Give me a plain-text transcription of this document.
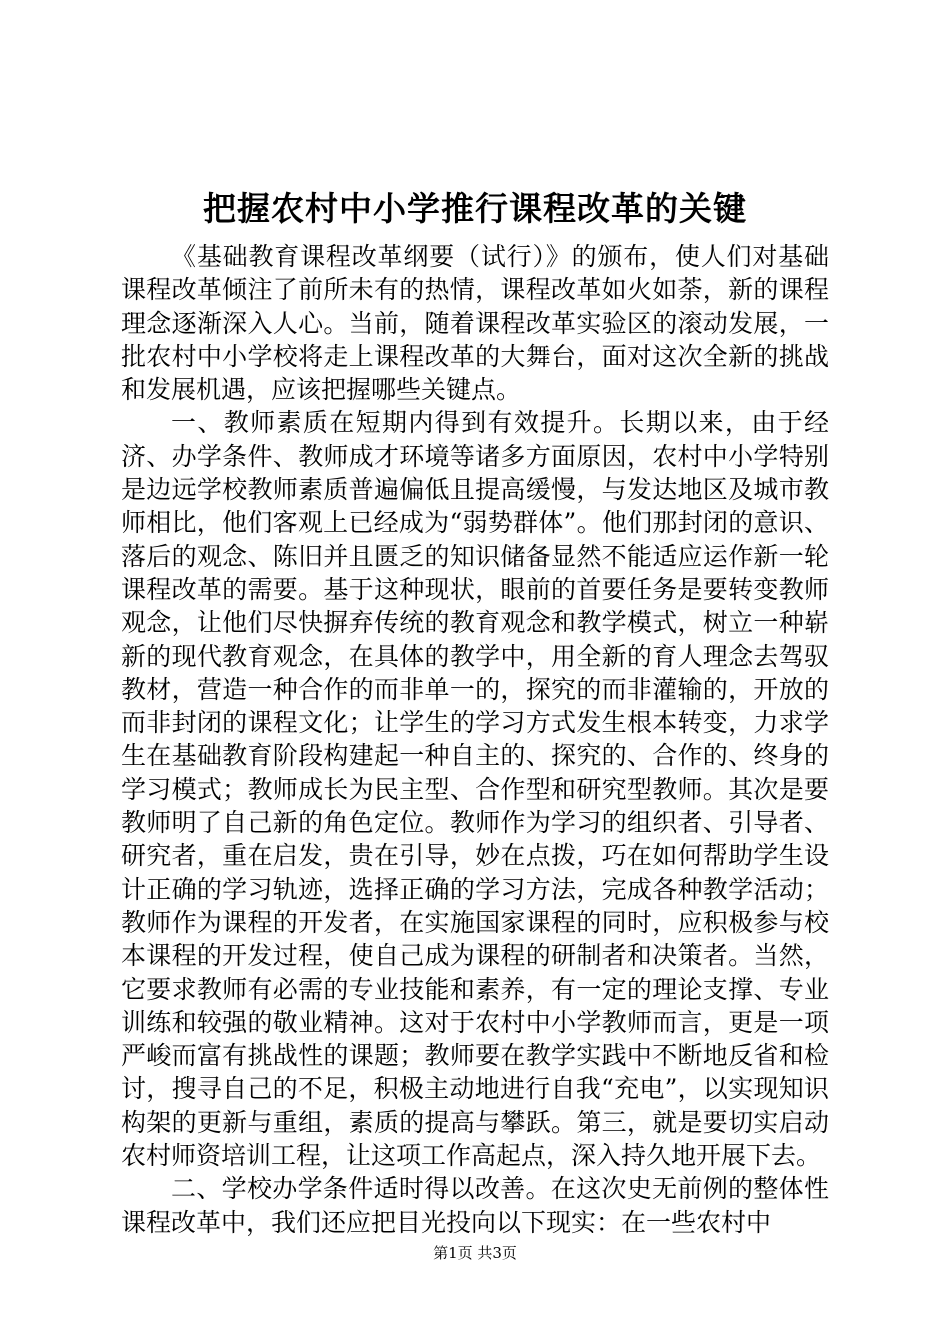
把握农村中小学推行课程改革的关键

《基础教育课程改革纲要（试行）》的颁布，使人们对基础课程改革倾注了前所未有的热情，课程改革如火如荼，新的课程理念逐渐深入人心。当前，随着课程改革实验区的滚动发展，一批农村中小学校将走上课程改革的大舞台，面对这次全新的挑战和发展机遇，应该把握哪些关键点。

一、教师素质在短期内得到有效提升。长期以来，由于经济、办学条件、教师成才环境等诸多方面原因，农村中小学特别是边远学校教师素质普遍偏低且提高缓慢，与发达地区及城市教师相比，他们客观上已经成为“弱势群体”。他们那封闭的意识、落后的观念、陈旧并且匮乏的知识储备显然不能适应运作新一轮课程改革的需要。基于这种现状，眼前的首要任务是要转变教师观念，让他们尽快摒弃传统的教育观念和教学模式，树立一种崭新的现代教育观念，在具体的教学中，用全新的育人理念去驾驭教材，营造一种合作的而非单一的，探究的而非灌输的，开放的而非封闭的课程文化；让学生的学习方式发生根本转变，力求学生在基础教育阶段构建起一种自主的、探究的、合作的、终身的学习模式；教师成长为民主型、合作型和研究型教师。其次是要教师明了自己新的角色定位。教师作为学习的组织者、引导者、研究者，重在启发，贵在引导，妙在点拨，巧在如何帮助学生设计正确的学习轨迹，选择正确的学习方法，完成各种教学活动；教师作为课程的开发者，在实施国家课程的同时，应积极参与校本课程的开发过程，使自己成为课程的研制者和决策者。当然，它要求教师有必需的专业技能和素养，有一定的理论支撑、专业训练和较强的敬业精神。这对于农村中小学教师而言，更是一项严峻而富有挑战性的课题；教师要在教学实践中不断地反省和检讨，搜寻自己的不足，积极主动地进行自我“充电”，以实现知识构架的更新与重组，素质的提高与攀跃。第三，就是要切实启动农村师资培训工程，让这项工作高起点，深入持久地开展下去。

二、学校办学条件适时得以改善。在这次史无前例的整体性课程改革中，我们还应把目光投向以下现实：在一些农村中

第1页 共3页
